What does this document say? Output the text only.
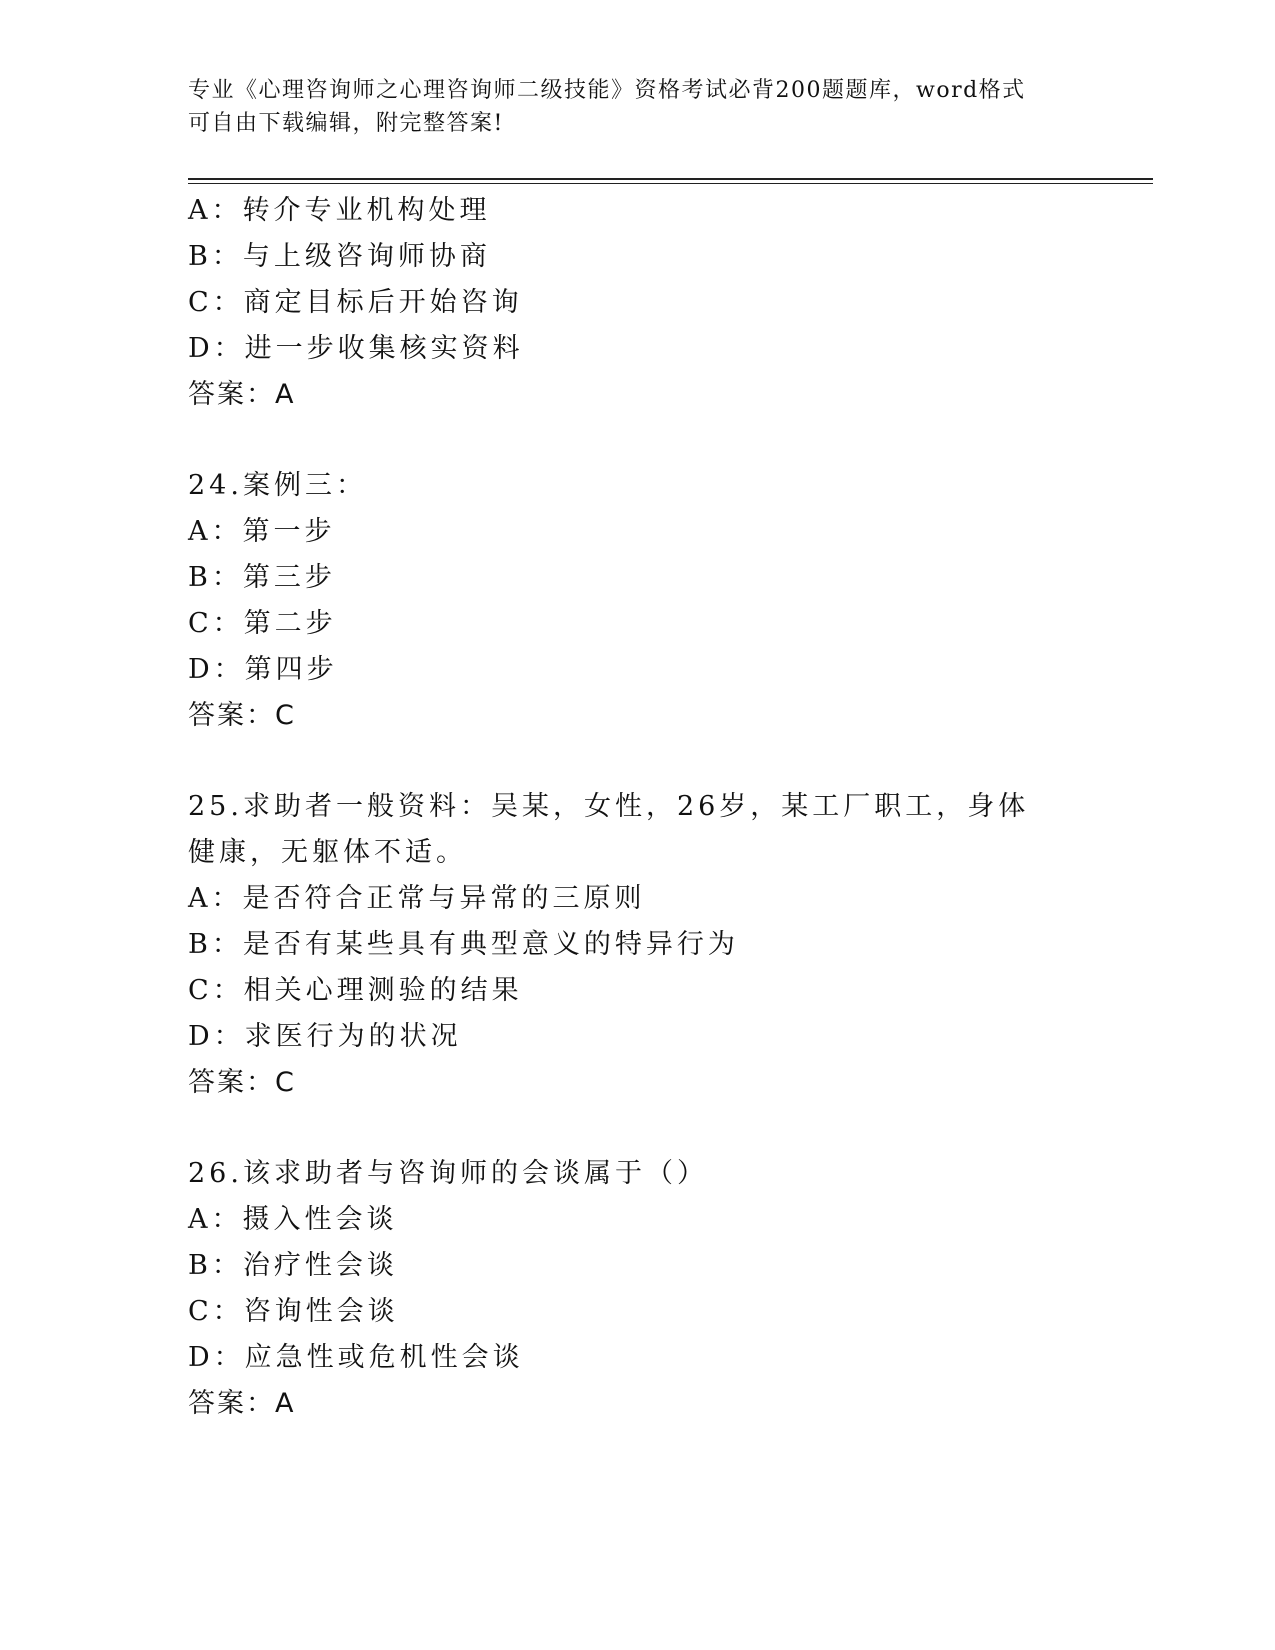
专业《心理咨询师之心理咨询师二级技能》资格考试必背200题题库，word格式
可自由下载编辑，附完整答案!
A：转介专业机构处理
B：与上级咨询师协商
C：商定目标后开始咨询
D：进一步收集核实资料
答案：A
24.案例三：
A：第一步
B：第三步
C：第二步
D：第四步
答案：C
25.求助者一般资料：吴某，女性，26岁，某工厂职工，身体健康，无躯体不适。
A：是否符合正常与异常的三原则
B：是否有某些具有典型意义的特异行为
C：相关心理测验的结果
D：求医行为的状况
答案：C
26.该求助者与咨询师的会谈属于（）
A：摄入性会谈
B：治疗性会谈
C：咨询性会谈
D：应急性或危机性会谈
答案：A
